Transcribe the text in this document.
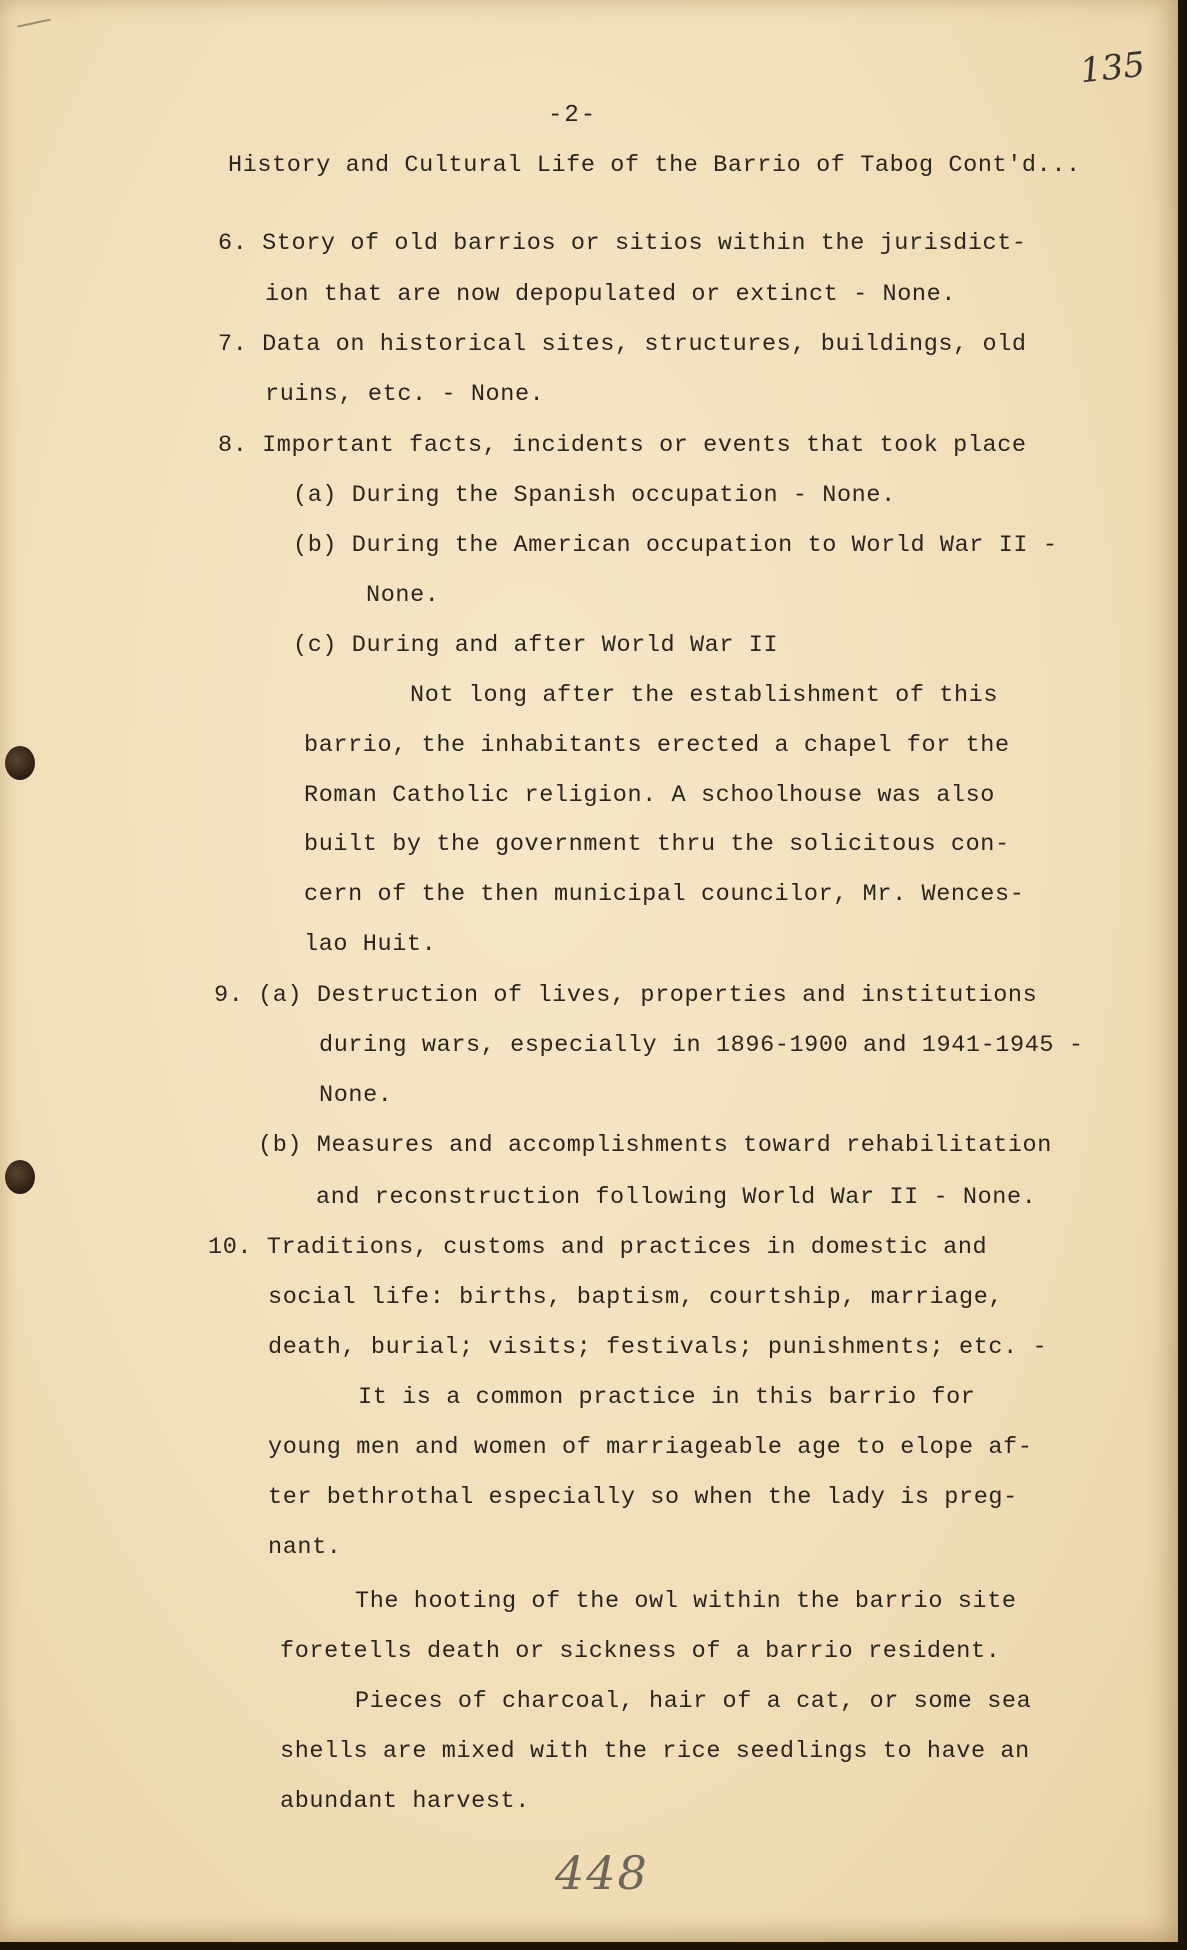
135
-2-
History and Cultural Life of the Barrio of Tabog Cont'd...
6. Story of old barrios or sitios within the jurisdict-
ion that are now depopulated or extinct - None.
7. Data on historical sites, structures, buildings, old
ruins, etc. - None.
8. Important facts, incidents or events that took place
(a) During the Spanish occupation - None.
(b) During the American occupation to World War II -
None.
(c) During and after World War II
Not long after the establishment of this
barrio, the inhabitants erected a chapel for the
Roman Catholic religion. A schoolhouse was also
built by the government thru the solicitous con-
cern of the then municipal councilor, Mr. Wences-
lao Huit.
9. (a) Destruction of lives, properties and institutions
during wars, especially in 1896-1900 and 1941-1945 -
None.
(b) Measures and accomplishments toward rehabilitation
and reconstruction following World War II - None.
10. Traditions, customs and practices in domestic and
social life: births, baptism, courtship, marriage,
death, burial; visits; festivals; punishments; etc. -
It is a common practice in this barrio for
young men and women of marriageable age to elope af-
ter bethrothal especially so when the lady is preg-
nant.
The hooting of the owl within the barrio site
foretells death or sickness of a barrio resident.
Pieces of charcoal, hair of a cat, or some sea
shells are mixed with the rice seedlings to have an
abundant harvest.
448
